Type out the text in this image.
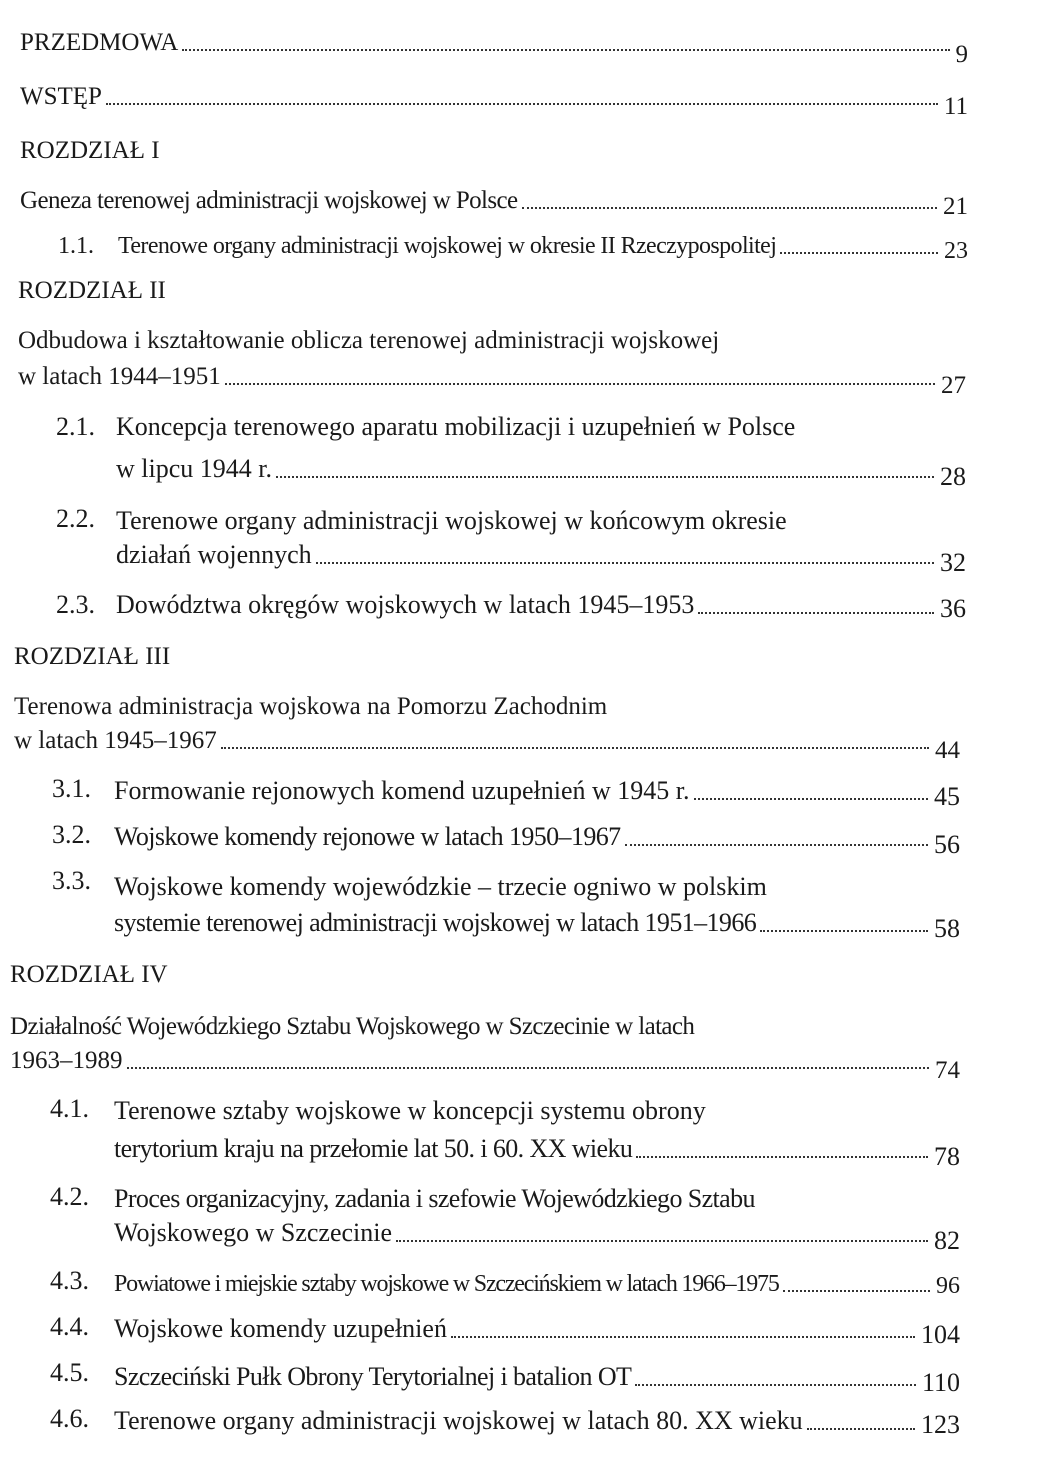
PRZEDMOWA	9
WSTĘP	11
ROZDZIAŁ I
Geneza terenowej administracji wojskowej w Polsce	21
1.1. Terenowe organy administracji wojskowej w okresie II Rzeczypospolitej	23
ROZDZIAŁ II
Odbudowa i kształtowanie oblicza terenowej administracji wojskowej
w latach 1944–1951	27
2.1. Koncepcja terenowego aparatu mobilizacji i uzupełnień w Polsce
w lipcu 1944 r.	28
2.2. Terenowe organy administracji wojskowej w końcowym okresie
działań wojennych	32
2.3. Dowództwa okręgów wojskowych w latach 1945–1953	36
ROZDZIAŁ III
Terenowa administracja wojskowa na Pomorzu Zachodnim
w latach 1945–1967	44
3.1. Formowanie rejonowych komend uzupełnień w 1945 r.	45
3.2. Wojskowe komendy rejonowe w latach 1950–1967	56
3.3. Wojskowe komendy wojewódzkie – trzecie ogniwo w polskim
systemie terenowej administracji wojskowej w latach 1951–1966	58
ROZDZIAŁ IV
Działalność Wojewódzkiego Sztabu Wojskowego w Szczecinie w latach
1963–1989	74
4.1. Terenowe sztaby wojskowe w koncepcji systemu obrony
terytorium kraju na przełomie lat 50. i 60. XX wieku	78
4.2. Proces organizacyjny, zadania i szefowie Wojewódzkiego Sztabu
Wojskowego w Szczecinie	82
4.3. Powiatowe i miejskie sztaby wojskowe w Szczecińskiem w latach 1966–1975	96
4.4. Wojskowe komendy uzupełnień	104
4.5. Szczeciński Pułk Obrony Terytorialnej i batalion OT	110
4.6. Terenowe organy administracji wojskowej w latach 80. XX wieku	123
